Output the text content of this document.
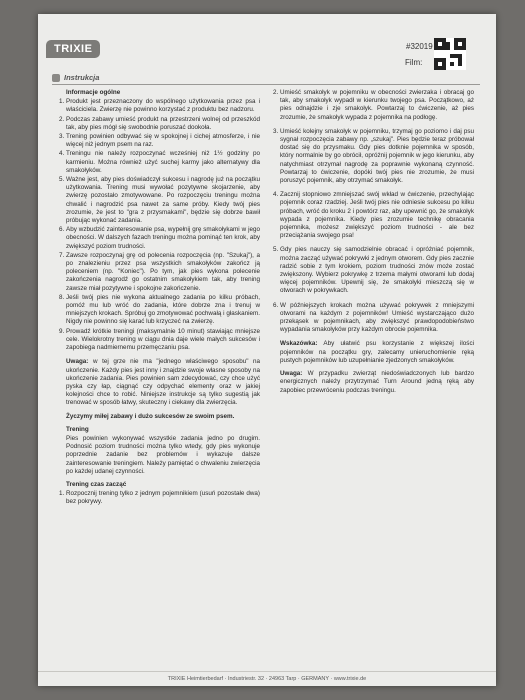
TRIXIE	#32019
Film:
Instrukcja
Informacje ogólne
1. Produkt jest przeznaczony do wspólnego użytkowania przez psa i właściciela. Zwierzę nie powinno korzystać z produktu bez nadzoru.
2. Podczas zabawy umieść produkt na przestrzeni wolnej od przeszkód tak, aby pies mógł się swobodnie poruszać dookoła.
3. Trening powinien odbywać się w spokojnej i cichej atmosferze, i nie więcej niż jednym psem na raz.
4. Treningu nie należy rozpoczynać wcześniej niż 1½ godziny po karmieniu. Można również użyć suchej karmy jako alternatywy dla smakołyków.
5. Ważne jest, aby pies doświadczył sukcesu i nagrodę już na początku użytkowania. Trening musi wywołać pozytywne skojarzenie, aby zwierzę pozostało zmotywowane. Po rozpoczęciu treningu można chwalić i nagrodzić psa nawet za same próby. Kiedy twój pies zrozumie, że jest to "gra z przysmakami", będzie się dobrze bawił próbując wykonać zadania.
6. Aby wzbudzić zainteresowanie psa, wypełnij grę smakołykami w jego obecności. W dalszych fazach treningu można pominąć ten krok, aby zwiększyć poziom trudności.
7. Zawsze rozpoczynaj grę od polecenia rozpoczęcia (np. "Szukaj"), a po znalezieniu przez psa wszystkich smakołyków zakończ ją poleceniem (np. "Koniec"). Po tym, jak pies wykona polecenie zakończenia nagrodź go ostatnim smakołykiem tak, aby trening zawsze miał pozytywne i spokojne zakończenie.
8. Jeśli twój pies nie wykona aktualnego zadania po kilku próbach, pomóż mu lub wróć do zadania, które dobrze zna i trenuj w mniejszych krokach. Spróbuj go zmotywować pochwałą i głaskaniem. Nigdy nie powinno się karać lub krzyczeć na zwierzę.
9. Prowadź krótkie treningi (maksymalnie 10 minut) stawiając mniejsze cele. Wielokrotny trening w ciągu dnia daje wiele małych sukcesów i zapobiega nadmiernemu przemęczaniu psa.

Uwaga: w tej grze nie ma "jednego właściwego sposobu" na ukończenie. Każdy pies jest inny i znajdzie swoje własne sposoby na ukończenie zadania. Pies powinien sam zdecydować, czy chce użyć pyska czy łap, ciągnąć czy odpychać elementy oraz w jakiej kolejności chce to robić. Niniejsze instrukcje są tylko sugestią jak trenować w sposób łatwy, skuteczny i ciekawy dla zwierzęcia.

Życzymy miłej zabawy i dużo sukcesów ze swoim psem.

Trening

Pies powinien wykonywać wszystkie zadania jedno po drugim. Podnosić poziom trudności można tylko wtedy, gdy pies wykonuje poprzednie zadanie bez problemów i wykazuje dalsze zainteresowanie treningiem. Należy pamiętać o chwaleniu zwierzęcia po każdej udanej czynności.

Trening czas zacząć
1. Rozpocznij trening tylko z jednym pojemnikiem (usuń pozostałe dwa) bez pokrywy.
2. Umieść smakołyk w pojemniku w obecności zwierzaka i obracaj go tak, aby smakołyk wypadł w kierunku twojego psa. Początkowo, aż pies odnajdzie i zje smakołyk. Powtarzaj to ćwiczenie, aż pies zrozumie, że smakołyk wypada z pojemnika na podłogę.
3. Umieść kolejny smakołyk w pojemniku, trzymaj go poziomo i daj psu sygnał rozpoczęcia zabawy np. „szukaj". Pies będzie teraz próbował dostać się do przysmaku. Gdy pies dotknie pojemnika w sposób, który normalnie by go obrócił, opróżnij pojemnik w jego kierunku, aby natychmiast otrzymał nagrodę za poprawnie wykonaną czynność. Powtarzaj to ćwiczenie, dopóki twój pies nie zrozumie, że musi poruszyć pojemnik, aby otrzymać smakołyk.
4. Zacznij stopniowo zmniejszać swój wkład w ćwiczenie, przechylając pojemnik coraz rzadziej. Jeśli twój pies nie odniesie sukcesu po kilku próbach, wróć do kroku 2 i powtórz raz, aby upewnić go, że smakołyk wypada z pojemnika. Kiedy pies zrozumie technikę obracania pojemnika, możesz zwiększyć poziom trudności - ale bez przeciążania swojego psa!
5. Gdy pies nauczy się samodzielnie obracać i opróżniać pojemnik, można zacząć używać pokrywki z jednym otworem. Gdy pies zacznie radzić sobie z tym krokiem, poziom trudności znów może zostać zwiększony. Wybierz pokrywkę z trzema małymi otworami lub dodaj więcej pojemników. Upewnij się, że smakołyki mieszczą się w otworach w pokrywkach.
6. W późniejszych krokach można używać pokrywek z mniejszymi otworami na każdym z pojemników! Umieść wystarczająco dużo przekąsek w pojemnikach, aby zwiększyć prawdopodobieństwo wypadania smakołyków przy każdym obrocie pojemnika.

Wskazówka: Aby ułatwić psu korzystanie z większej ilości pojemników na początku gry, zalecamy unieruchomienie ręką pustych pojemników lub uzupełnianie zjedzonych smakołyków.

Uwaga: W przypadku zwierząt niedoświadczonych lub bardzo energicznych należy przytrzymać Turn Around jedną ręką aby zapobiec przewróceniu podczas treningu.

TRIXIE Heimtierbedarf · Industriestr. 32 · 24963 Tarp · GERMANY · www.trixie.de
